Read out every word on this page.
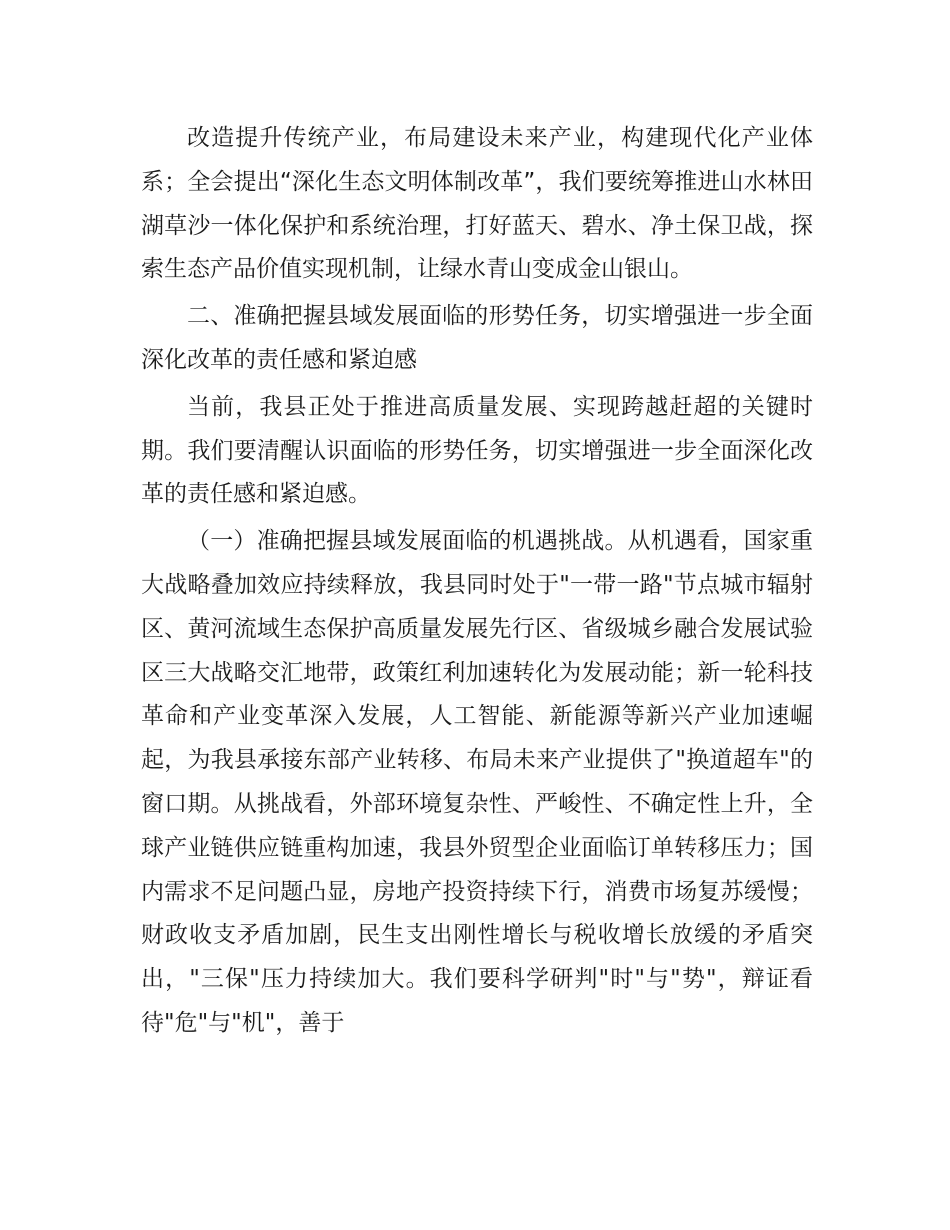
改造提升传统产业，布局建设未来产业，构建现代化产业体系；全会提出“深化生态文明体制改革”，我们要统筹推进山水林田湖草沙一体化保护和系统治理，打好蓝天、碧水、净土保卫战，探索生态产品价值实现机制，让绿水青山变成金山银山。

二、准确把握县域发展面临的形势任务，切实增强进一步全面深化改革的责任感和紧迫感

当前，我县正处于推进高质量发展、实现跨越赶超的关键时期。我们要清醒认识面临的形势任务，切实增强进一步全面深化改革的责任感和紧迫感。

（一）准确把握县域发展面临的机遇挑战。从机遇看，国家重大战略叠加效应持续释放，我县同时处于"一带一路"节点城市辐射区、黄河流域生态保护高质量发展先行区、省级城乡融合发展试验区三大战略交汇地带，政策红利加速转化为发展动能；新一轮科技革命和产业变革深入发展，人工智能、新能源等新兴产业加速崛起，为我县承接东部产业转移、布局未来产业提供了"换道超车"的窗口期。从挑战看，外部环境复杂性、严峻性、不确定性上升，全球产业链供应链重构加速，我县外贸型企业面临订单转移压力；国内需求不足问题凸显，房地产投资持续下行，消费市场复苏缓慢；财政收支矛盾加剧，民生支出刚性增长与税收增长放缓的矛盾突出，"三保"压力持续加大。我们要科学研判"时"与"势"，辩证看待"危"与"机"，善于
